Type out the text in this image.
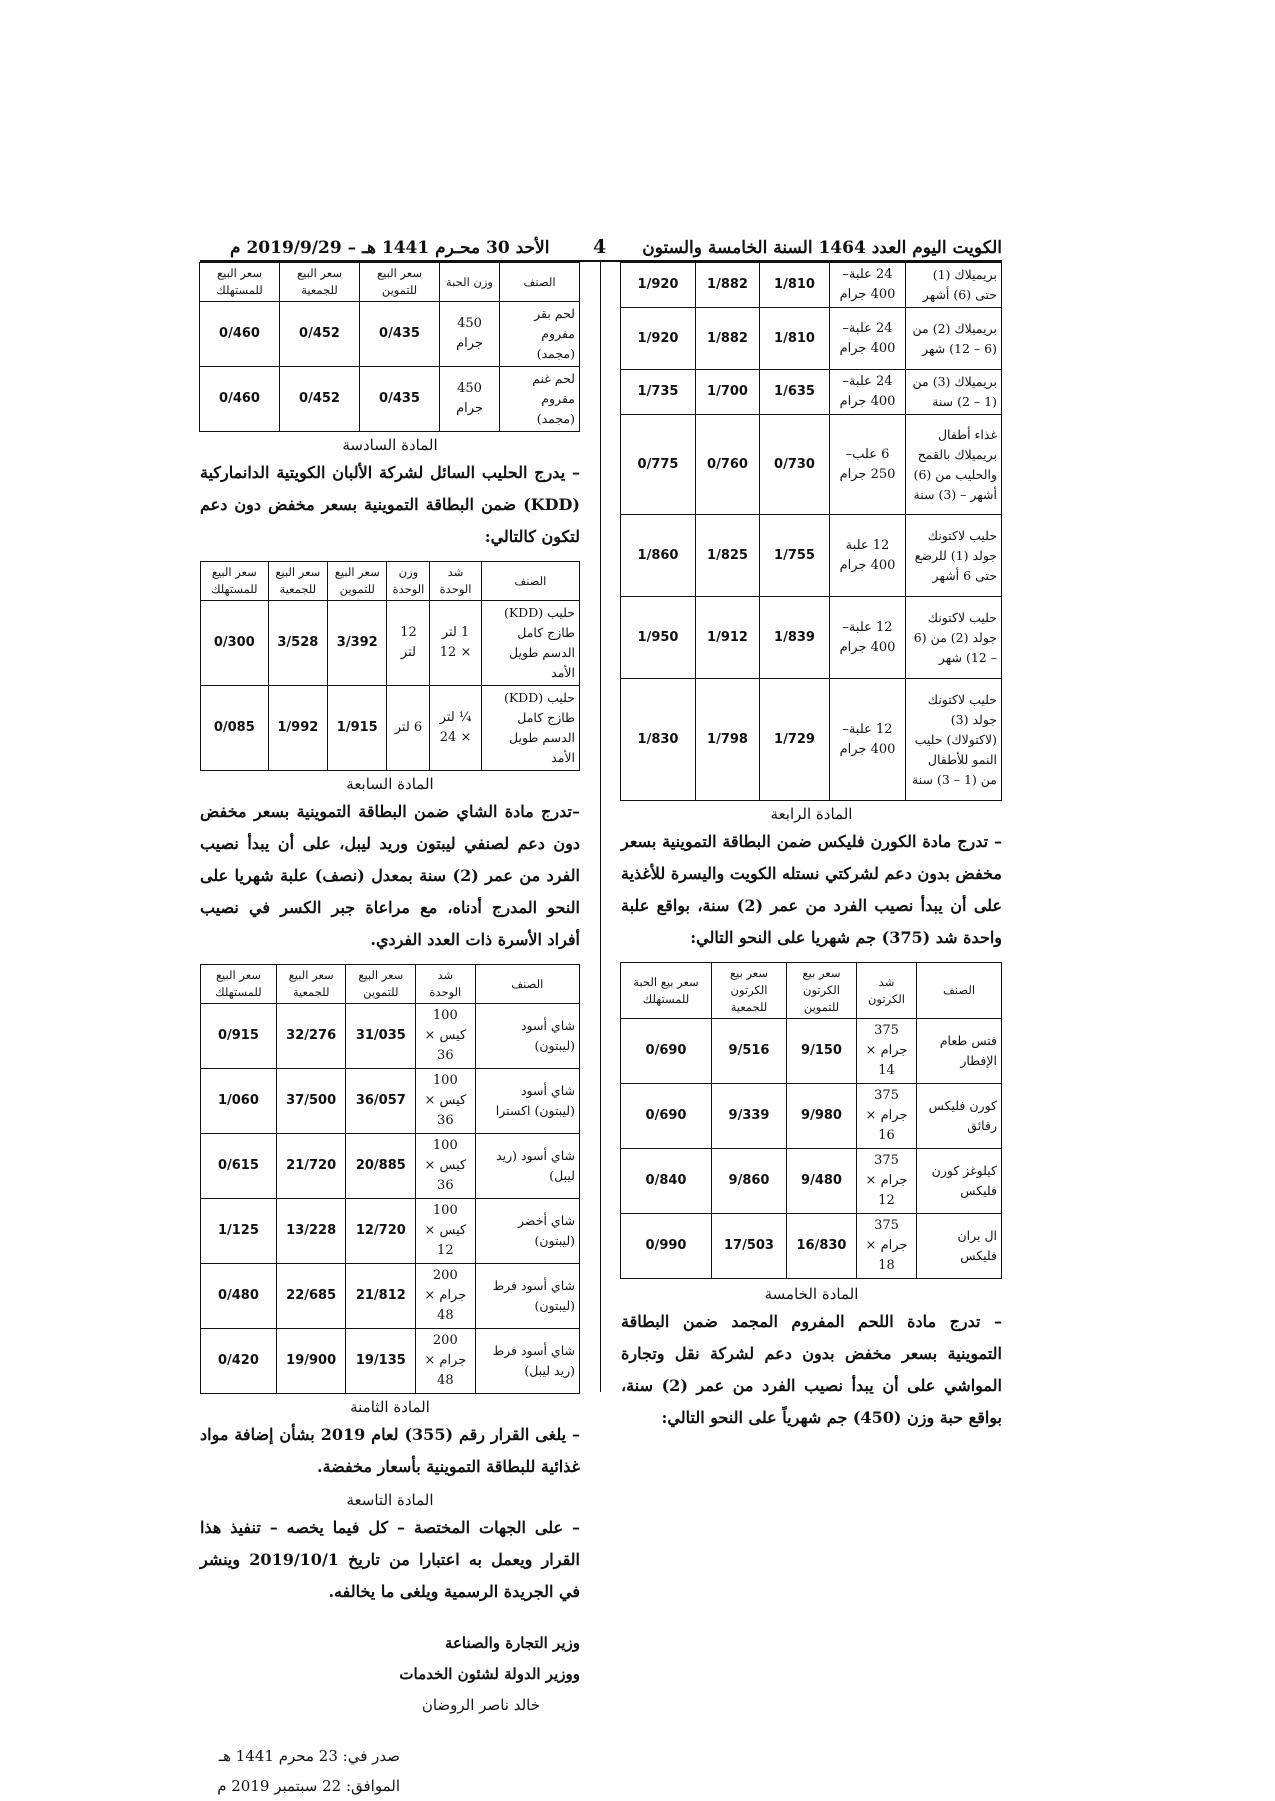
الكويت اليوم العدد 1464 السنة الخامسة والستون
4
الأحد 30 محـرم 1441 هـ – 2019/9/29 م
بريميلاك (1) حتى (6) أشهر	24 علبة– 400 جرام	1/810	1/882	1/920
بريميلاك (2) من (6 – 12) شهر	24 علبة– 400 جرام	1/810	1/882	1/920
بريميلاك (3) من (1 – 2) سنة	24 علبة– 400 جرام	1/635	1/700	1/735
غذاء أطفال بريميلاك بالقمح والحليب من (6) أشهر – (3) سنة	6 علب– 250 جرام	0/730	0/760	0/775
حليب لاكتونك جولد (1) للرضع حتى 6 أشهر	12 علبة 400 جرام	1/755	1/825	1/860
حليب لاكتونك جولد (2) من (6 – 12) شهر	12 علبة– 400 جرام	1/839	1/912	1/950
حليب لاكتونك جولد (3) (لاكتولاك) حليب النمو للأطفال من (1 – 3) سنة	12 علبة– 400 جرام	1/729	1/798	1/830
المادة الرابعة
– تدرج مادة الكورن فليكس ضمن البطاقة التموينية بسعر مخفض بدون دعم لشركتي نستله الكويت واليسرة للأغذية على أن يبدأ نصيب الفرد من عمر (2) سنة، بواقع علبة واحدة شد (375) جم شهريا على النحو التالي:
الصنف	شد الكرتون	سعر بيع الكرتون للتموين	سعر بيع الكرتون للجمعية	سعر بيع الحبة للمستهلك
فتس طعام الإفطار	375 جرام × 14	9/150	9/516	0/690
كورن فليكس رقائق	375 جرام × 16	9/980	9/339	0/690
كيلوغز كورن فليكس	375 جرام × 12	9/480	9/860	0/840
ال بران فليكس	375 جرام × 18	16/830	17/503	0/990
المادة الخامسة
– تدرج مادة اللحم المفروم المجمد ضمن البطاقة التموينية بسعر مخفض بدون دعم لشركة نقل وتجارة المواشي على أن يبدأ نصيب الفرد من عمر (2) سنة، بواقع حبة وزن (450) جم شهرياً على النحو التالي:
الصنف	وزن الحبة	سعر البيع للتموين	سعر البيع للجمعية	سعر البيع للمستهلك
لحم بقر مفروم (مجمد)	450 جرام	0/435	0/452	0/460
لحم غنم مفروم (مجمد)	450 جرام	0/435	0/452	0/460
المادة السادسة
– يدرج الحليب السائل لشركة الألبان الكويتية الدانماركية (KDD) ضمن البطاقة التموينية بسعر مخفض دون دعم لتكون كالتالي:
الصنف	شد الوحدة	وزن الوحدة	سعر البيع للتموين	سعر البيع للجمعية	سعر البيع للمستهلك
حليب (KDD) طازج كامل الدسم طويل الأمد	1 لتر × 12	12 لتر	3/392	3/528	0/300
حليب (KDD) طازج كامل الدسم طويل الأمد	¼ لتر × 24	6 لتر	1/915	1/992	0/085
المادة السابعة
–تدرج مادة الشاي ضمن البطاقة التموينية بسعر مخفض دون دعم لصنفي ليبتون وريد ليبل، على أن يبدأ نصيب الفرد من عمر (2) سنة بمعدل (نصف) علبة شهريا على النحو المدرج أدناه، مع مراعاة جبر الكسر في نصيب أفراد الأسرة ذات العدد الفردي.
الصنف	شد الوحدة	سعر البيع للتموين	سعر البيع للجمعية	سعر البيع للمستهلك
شاي أسود (ليبتون)	100 كيس × 36	31/035	32/276	0/915
شاي أسود (ليبتون) اكسترا	100 كيس × 36	36/057	37/500	1/060
شاي أسود (ريد ليبل)	100 كيس × 36	20/885	21/720	0/615
شاي أخضر (ليبتون)	100 كيس × 12	12/720	13/228	1/125
شاي أسود فرط (ليبتون)	200 جرام × 48	21/812	22/685	0/480
شاي أسود فرط (ريد ليبل)	200 جرام × 48	19/135	19/900	0/420
المادة الثامنة
– يلغى القرار رقم (355) لعام 2019 بشأن إضافة مواد غذائية للبطاقة التموينية بأسعار مخفضة.
المادة التاسعة
– على الجهات المختصة – كل فيما يخصه – تنفيذ هذا القرار ويعمل به اعتبارا من تاريخ 2019/10/1 وينشر في الجريدة الرسمية ويلغى ما يخالفه.
وزير التجارة والصناعة
ووزير الدولة لشئون الخدمات
خالد ناصر الروضان
صدر في: 23 محرم 1441 هـ
الموافق: 22 سبتمبر 2019 م
